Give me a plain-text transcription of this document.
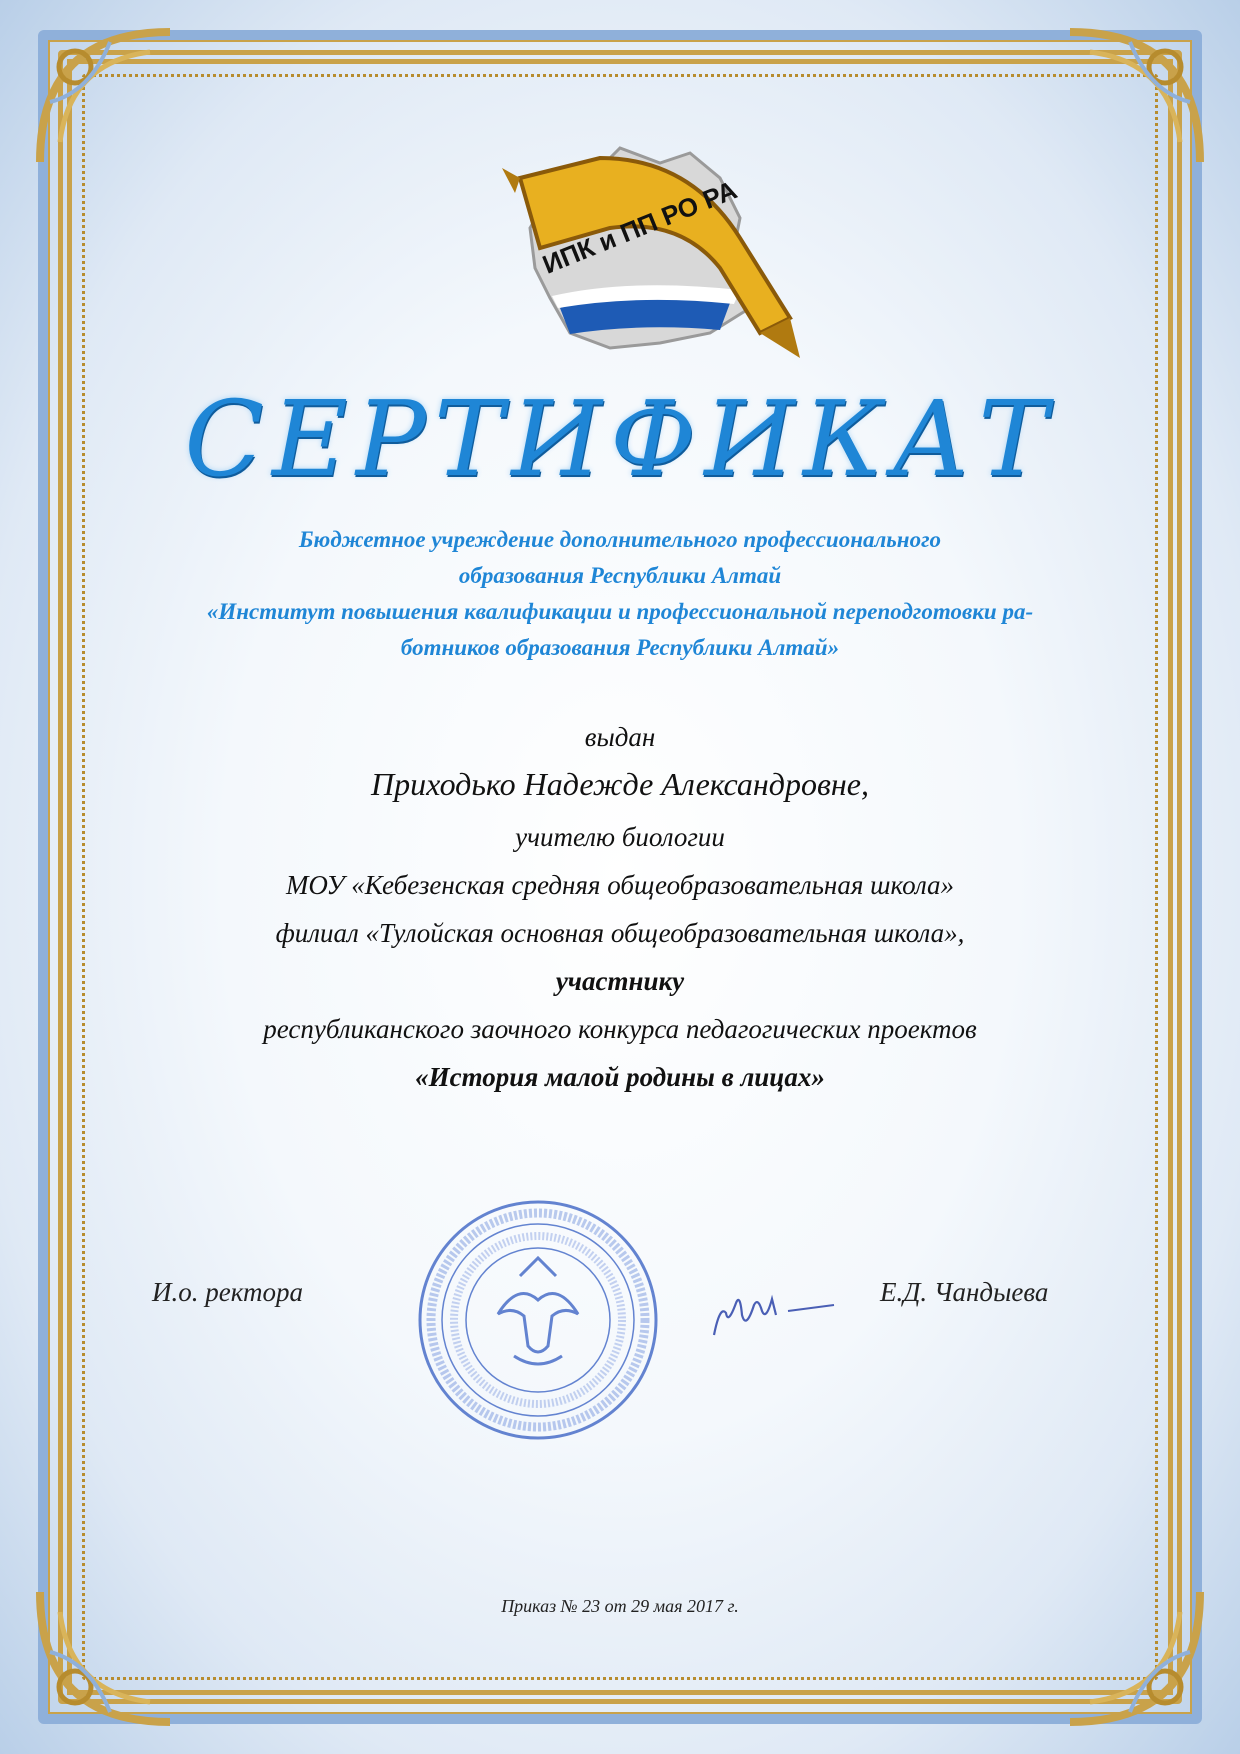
ИПК и ПП РО РА
СЕРТИФИКАТ
Бюджетное учреждение дополнительного профессионального
образования Республики Алтай
«Институт повышения квалификации и профессиональной переподготовки ра-
ботников образования Республики Алтай»
выдан
Приходько Надежде Александровне,
учителю биологии
МОУ «Кебезенская средняя общеобразовательная школа»
филиал «Тулойская основная общеобразовательная школа»,
участнику
республиканского заочного конкурса педагогических проектов
«История малой родины в лицах»
И.о. ректора	Е.Д. Чандыева
Приказ № 23 от 29 мая 2017 г.
